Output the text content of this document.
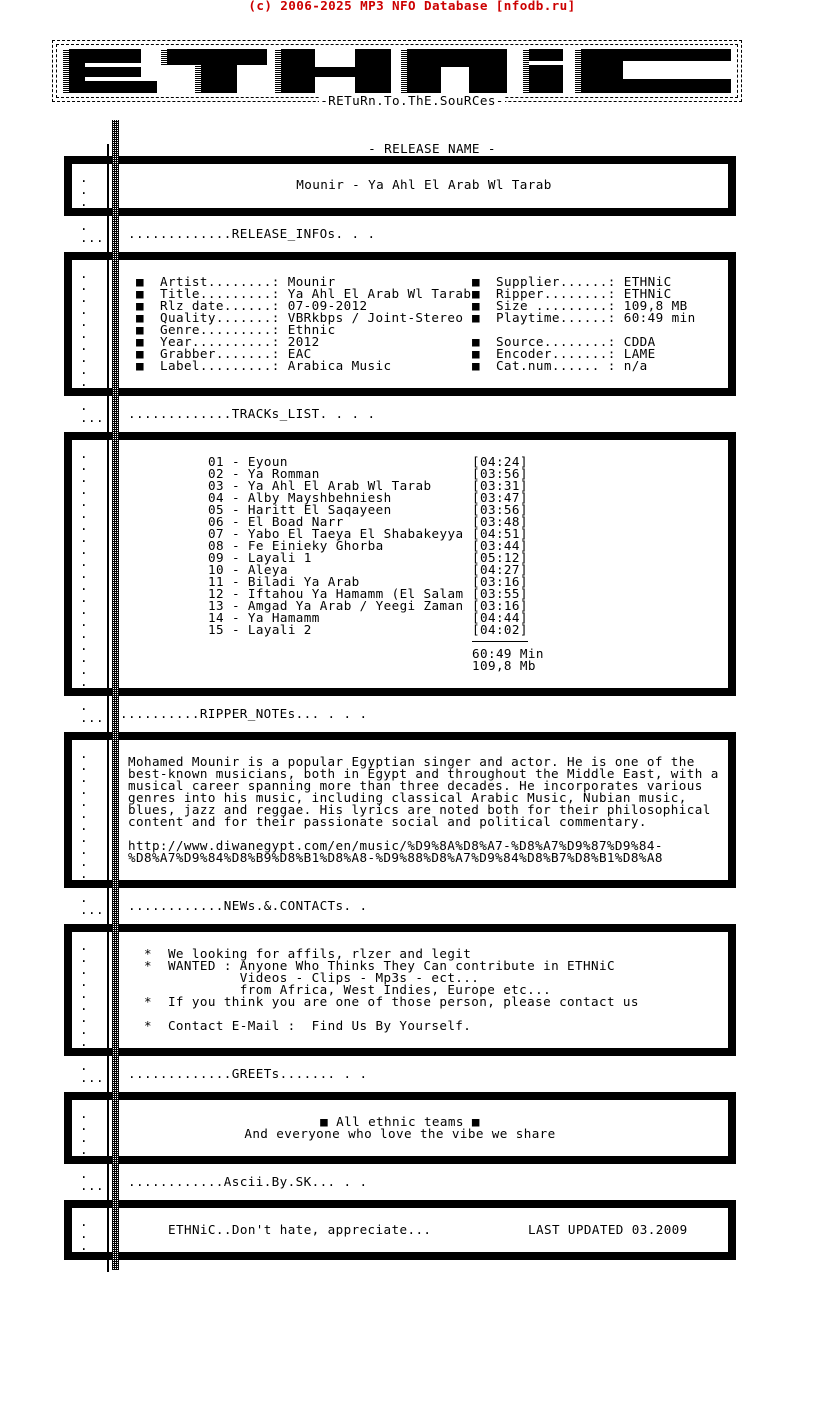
(c) 2006-2025 MP3 NFO Database [nfodb.ru]
-RETuRn.To.ThE.SouRCes-
- RELEASE NAME -
.
.
.
Mounir - Ya Ahl El Arab Wl Tarab
.
...
.
.............RELEASE_INFOs. . .
.
.
.
.
.
.
.
.
.
.
■
■
■
■
■
■
■
■
Artist........: Mounir
Title.........: Ya Ahl El Arab Wl Tarab
Rlz date......: 07-09-2012
Quality.......: VBRkbps / Joint-Stereo
Genre.........: Ethnic
Year..........: 2012
Grabber.......: EAC
Label.........: Arabica Music
■
■
■
■

■
■
■
Supplier......: ETHNiC
Ripper........: ETHNiC
Size .........: 109,8 MB
Playtime......: 60:49 min
Source........: CDDA
Encoder.......: LAME
Cat.num...... : n/a
.
...
.
.............TRACKs_LIST. . . .
.
.
.
.
.
.
.
.
.
.
.
.
.
.
.
.
.
.
.
.
01 - Eyoun
02 - Ya Romman
03 - Ya Ahl El Arab Wl Tarab
04 - Alby Mayshbehniesh
05 - Haritt El Saqayeen
06 - El Boad Narr
07 - Yabo El Taeya El Shabakeyya
08 - Fe Einieky Ghorba
09 - Layali 1
10 - Aleya
11 - Biladi Ya Arab
12 - Iftahou Ya Hamamm (El Salam
13 - Amgad Ya Arab / Yeegi Zaman
14 - Ya Hamamm
15 - Layali 2
[04:24]
[03:56]
[03:31]
[03:47]
[03:56]
[03:48]
[04:51]
[03:44]
[05:12]
[04:27]
[03:16]
[03:55]
[03:16]
[04:44]
[04:02]
60:49 Min
109,8 Mb
.
...
.
..........RIPPER_NOTEs... . . .
.
.
.
.
.
.
.
.
.
.
.
Mohamed Mounir is a popular Egyptian singer and actor. He is one of the
best-known musicians, both in Egypt and throughout the Middle East, with a
musical career spanning more than three decades. He incorporates various
genres into his music, including classical Arabic Music, Nubian music,
blues, jazz and reggae. His lyrics are noted both for their philosophical
content and for their passionate social and political commentary.
http://www.diwanegypt.com/en/music/%D9%8A%D8%A7-%D8%A7%D9%87%D9%84-
%D8%A7%D9%84%D8%B9%D8%B1%D8%A8-%D9%88%D8%A7%D9%84%D8%B7%D8%B1%D8%A8
.
...
.
............NEWs.&.CONTACTs. .
.
.
.
.
.
.
.
.
.
*  We looking for affils, rlzer and legit
*  WANTED : Anyone Who Thinks They Can contribute in ETHNiC
Videos - Clips - Mp3s - ect...
from Africa, West Indies, Europe etc...
*  If you think you are one of those person, please contact us
*  Contact E-Mail :  Find Us By Yourself.
.
...
.
.............GREETs....... . .
.
.
.
.
■ All ethnic teams ■
And everyone who love the vibe we share
.
...
.
............Ascii.By.SK... . .
.
.
.
ETHNiC..Don't hate, appreciate...	LAST UPDATED 03.2009
